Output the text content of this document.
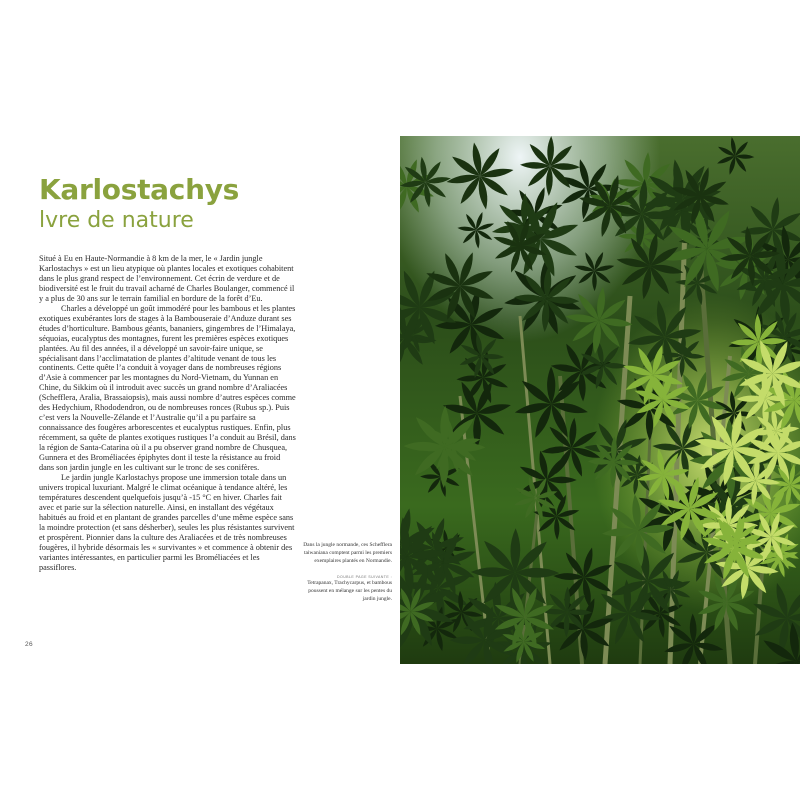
Karlostachys
lvre de nature

Situé à Eu en Haute-Normandie à 8 km de la mer, le « Jardin jungle Karlostachys » est un lieu atypique où plantes locales et exotiques cohabitent dans le plus grand respect de l’environnement. Cet écrin de verdure et de biodiversité est le fruit du travail acharné de Charles Boulanger, commencé il y a plus de 30 ans sur le terrain familial en bordure de la forêt d’Eu.

Charles a développé un goût immodéré pour les bambous et les plantes exotiques exubérantes lors de stages à la Bambouseraie d’Anduze durant ses études d’horticulture. Bambous géants, bananiers, gingembres de l’Himalaya, séquoias, eucalyptus des montagnes, furent les premières espèces exotiques plantées. Au fil des années, il a développé un savoir-faire unique, se spécialisant dans l’acclimatation de plantes d’altitude venant de tous les continents. Cette quête l’a conduit à voyager dans de nombreuses régions d’Asie à commencer par les montagnes du Nord-Vietnam, du Yunnan en Chine, du Sikkim où il introduit avec succès un grand nombre d’Araliacées (Schefflera, Aralia, Brassaiopsis), mais aussi nombre d’autres espèces comme des Hedychium, Rhododendron, ou de nombreuses ronces (Rubus sp.). Puis c’est vers la Nouvelle-Zélande et l’Australie qu’il a pu parfaire sa connaissance des fougères arborescentes et eucalyptus rustiques. Enfin, plus récemment, sa quête de plantes exotiques rustiques l’a conduit au Brésil, dans la région de Santa-Catarina où il a pu observer grand nombre de Chusquea, Gunnera et des Broméliacées épiphytes dont il teste la résistance au froid dans son jardin jungle en les cultivant sur le tronc de ses conifères.

Le jardin jungle Karlostachys propose une immersion totale dans un univers tropical luxuriant. Malgré le climat océanique à tendance altéré, les températures descendent quelquefois jusqu’à -15 °C en hiver. Charles fait avec et parie sur la sélection naturelle. Ainsi, en installant des végétaux habitués au froid et en plantant de grandes parcelles d’une même espèce sans la moindre protection (et sans désherber), seules les plus résistantes survivent et prospèrent. Pionnier dans la culture des Araliacées et de très nombreuses fougères, il hybride désormais les « survivantes » et commence à obtenir des variantes intéressantes, en particulier parmi les Broméliacées et les passiflores.

26

Dans la jungle normande, ces Schefflera taiwaniana comptent parmi les premiers exemplaires plantés en Normandie.

DOUBLE PAGE SUIVANTE :

Tetrapanax, Trachycarpus, et bambous poussent en mélange sur les pentes du jardin jungle.
